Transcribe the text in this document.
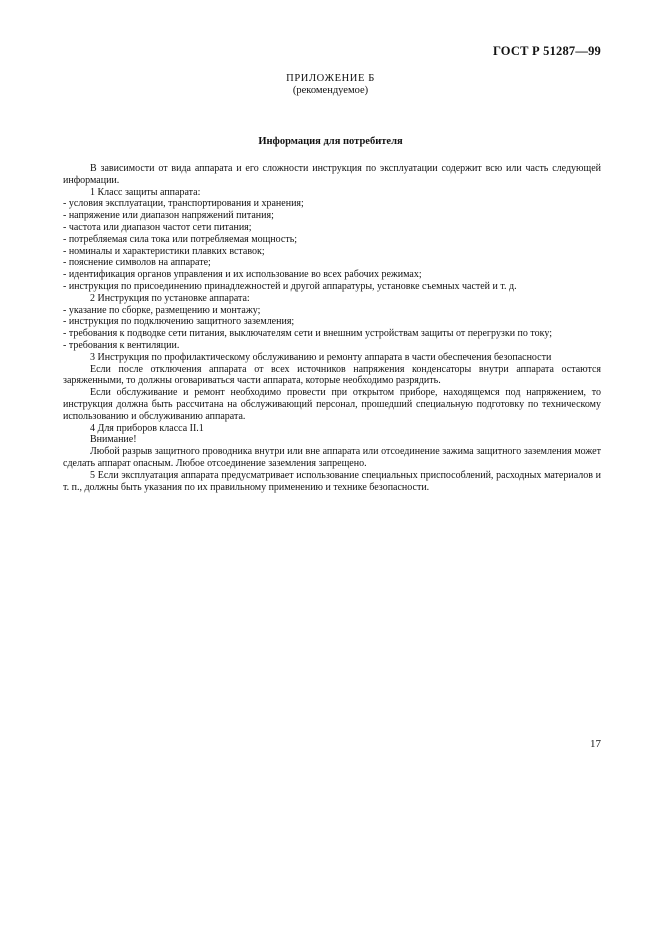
ГОСТ Р 51287—99
ПРИЛОЖЕНИЕ Б
(рекомендуемое)
Информация для потребителя

В зависимости от вида аппарата и его сложности инструкция по эксплуатации содержит всю или часть следующей информации.

1 Класс защиты аппарата:

- условия эксплуатации, транспортирования и хранения;

- напряжение или диапазон напряжений питания;

- частота или диапазон частот сети питания;

- потребляемая сила тока или потребляемая мощность;

- номиналы и характеристики плавких вставок;

- пояснение символов на аппарате;

- идентификация органов управления и их использование во всех рабочих режимах;

- инструкция по присоединению принадлежностей и другой аппаратуры, установке съемных частей и т. д.

2 Инструкция по установке аппарата:

- указание по сборке, размещению и монтажу;

- инструкция по подключению защитного заземления;

- требования к подводке сети питания, выключателям сети и внешним устройствам защиты от перегрузки по току;

- требования к вентиляции.

3 Инструкция по профилактическому обслуживанию и ремонту аппарата в части обеспечения безопасности

Если после отключения аппарата от всех источников напряжения конденсаторы внутри аппарата остаются заряженными, то должны оговариваться части аппарата, которые необходимо разрядить.

Если обслуживание и ремонт необходимо провести при открытом приборе, находящемся под напряжением, то инструкция должна быть рассчитана на обслуживающий персонал, прошедший специальную подготовку по техническому использованию и обслуживанию аппарата.

4 Для приборов класса II.1

Внимание!

Любой разрыв защитного проводника внутри или вне аппарата или отсоединение зажима защитного заземления может сделать аппарат опасным. Любое отсоединение заземления запрещено.

5 Если эксплуатация аппарата предусматривает использование специальных приспособлений, расходных материалов и т. п., должны быть указания по их правильному применению и технике безопасности.

17
